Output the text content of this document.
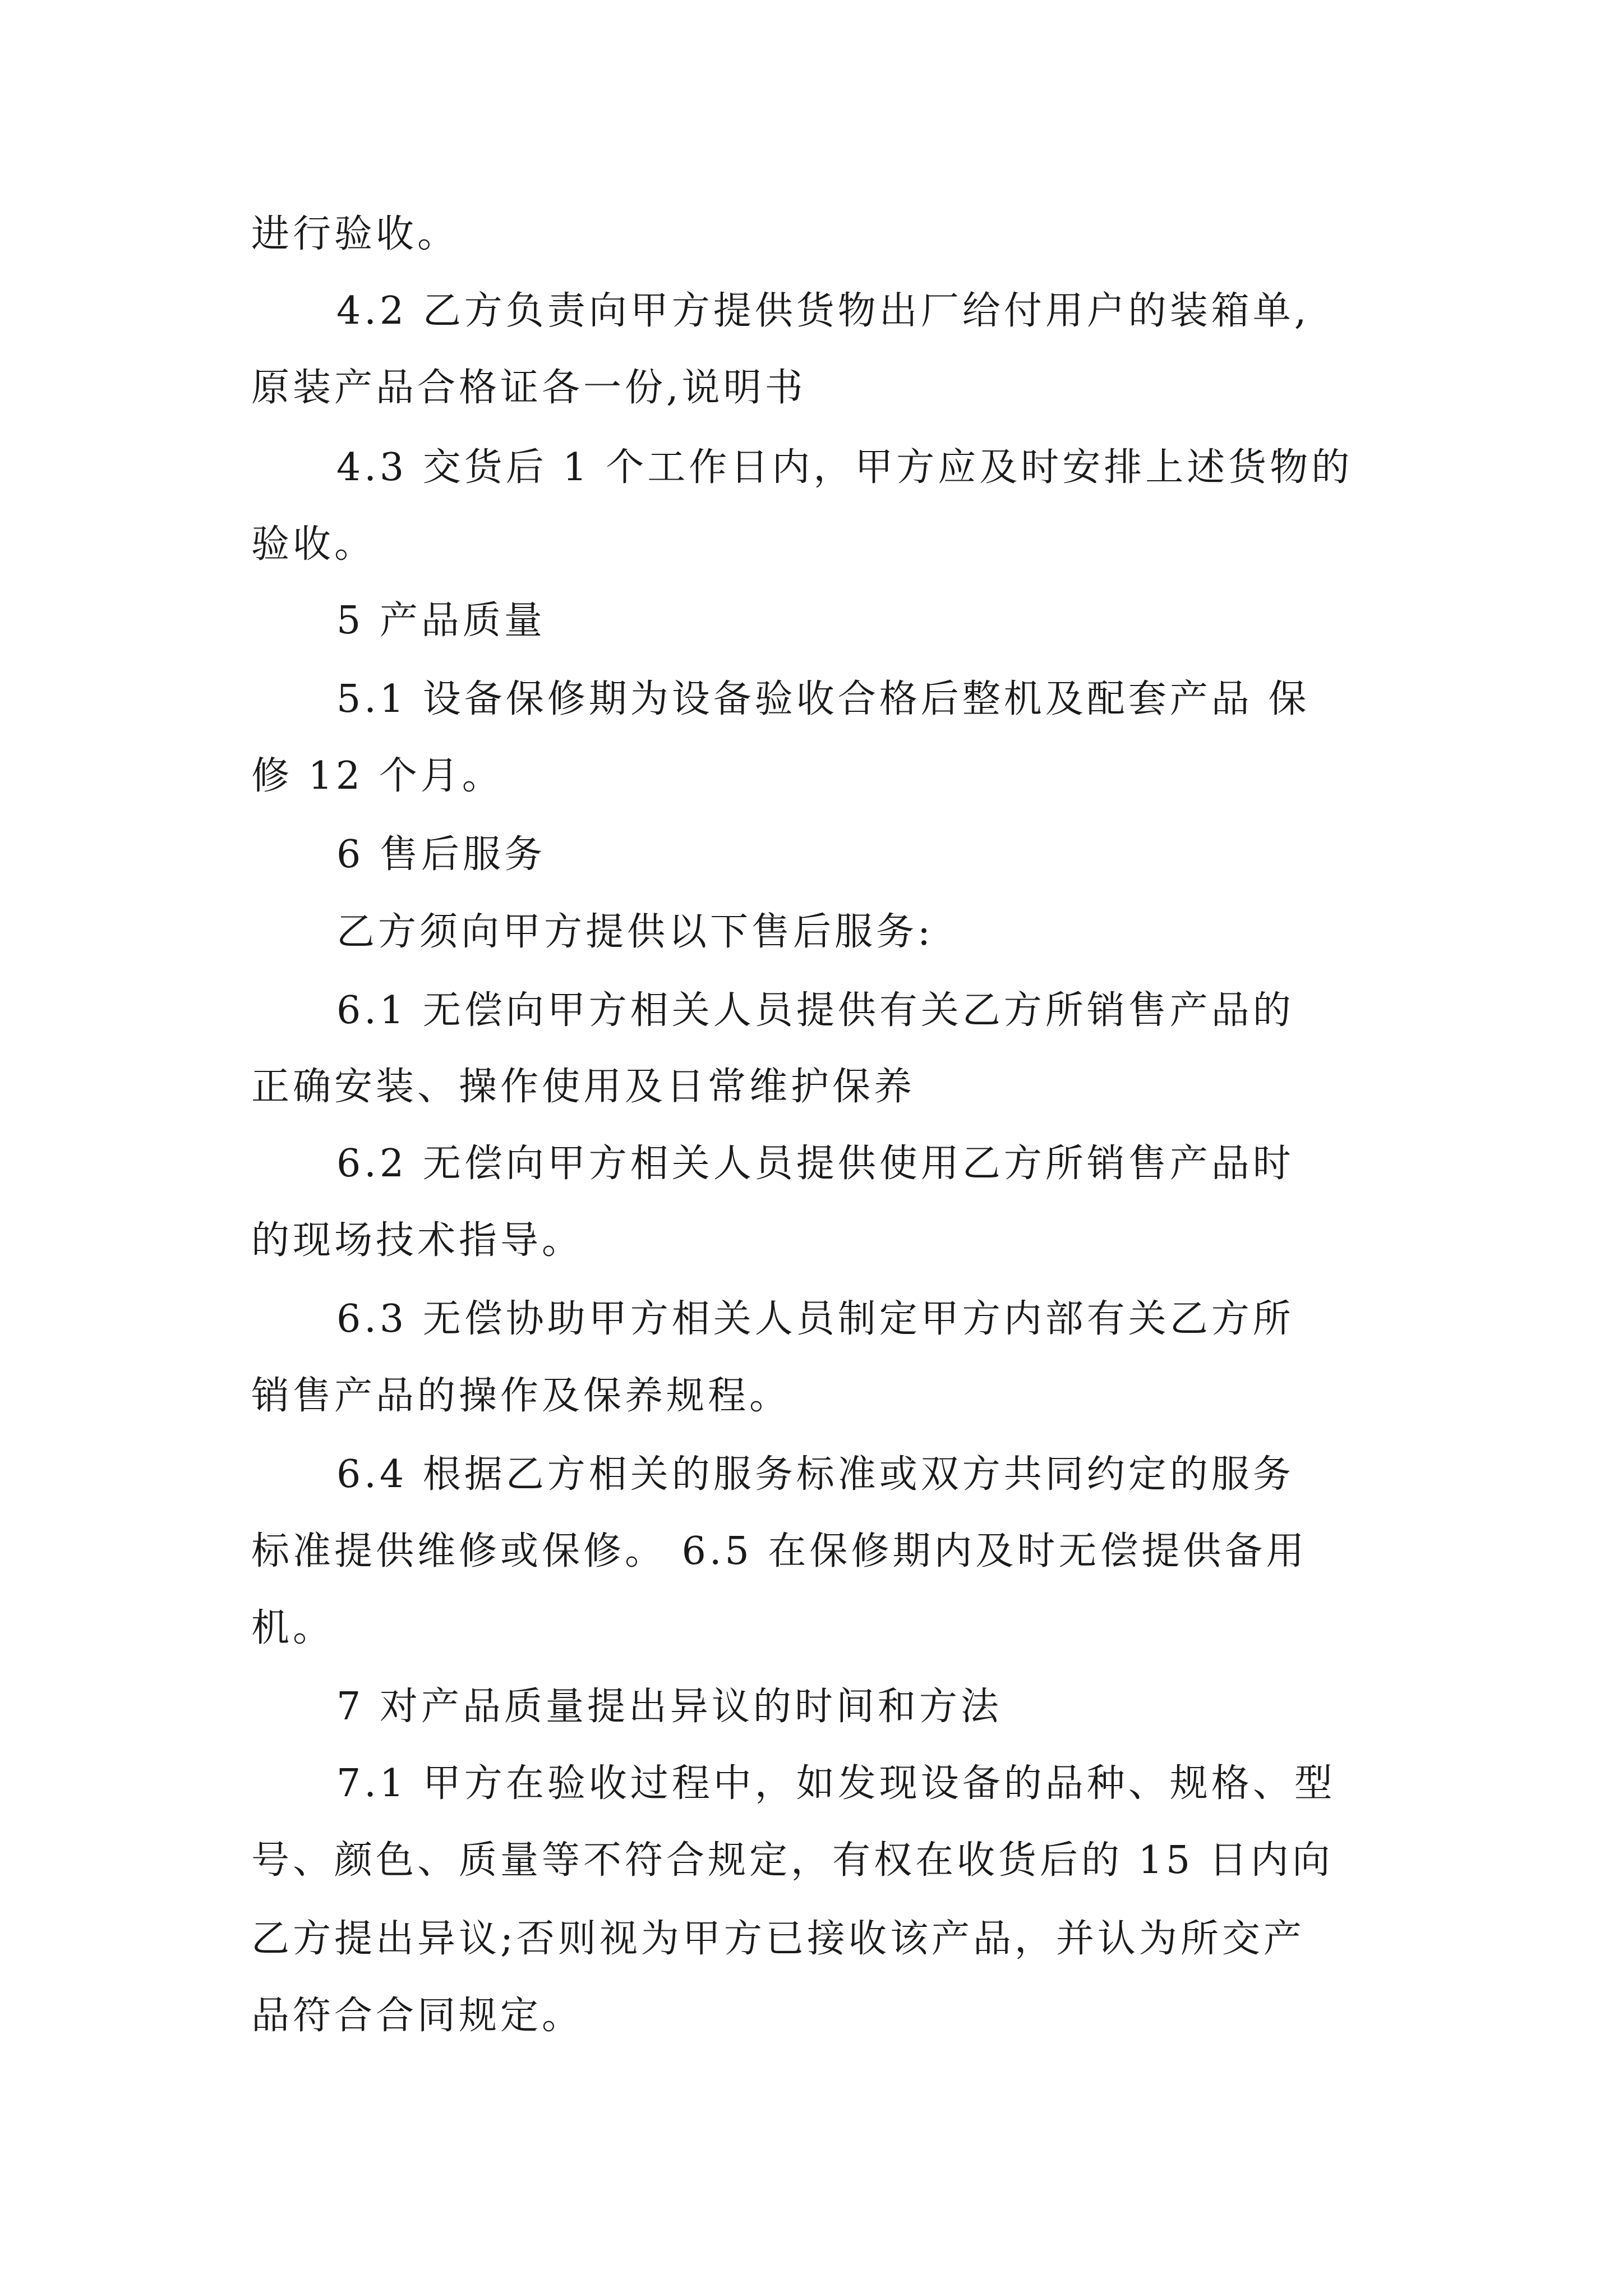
进行验收。

4.2 乙方负责向甲方提供货物出厂给付用户的装箱单,

原装产品合格证各一份,说明书

4.3 交货后 1 个工作日内，甲方应及时安排上述货物的

验收。

5 产品质量

5.1 设备保修期为设备验收合格后整机及配套产品 保

修 12 个月。

6 售后服务

乙方须向甲方提供以下售后服务:

6.1 无偿向甲方相关人员提供有关乙方所销售产品的

正确安装、操作使用及日常维护保养

6.2 无偿向甲方相关人员提供使用乙方所销售产品时

的现场技术指导。

6.3 无偿协助甲方相关人员制定甲方内部有关乙方所

销售产品的操作及保养规程。

6.4 根据乙方相关的服务标准或双方共同约定的服务

标准提供维修或保修。 6.5 在保修期内及时无偿提供备用

机。

7 对产品质量提出异议的时间和方法

7.1 甲方在验收过程中，如发现设备的品种、规格、型

号、颜色、质量等不符合规定，有权在收货后的 15 日内向

乙方提出异议;否则视为甲方已接收该产品，并认为所交产

品符合合同规定。
